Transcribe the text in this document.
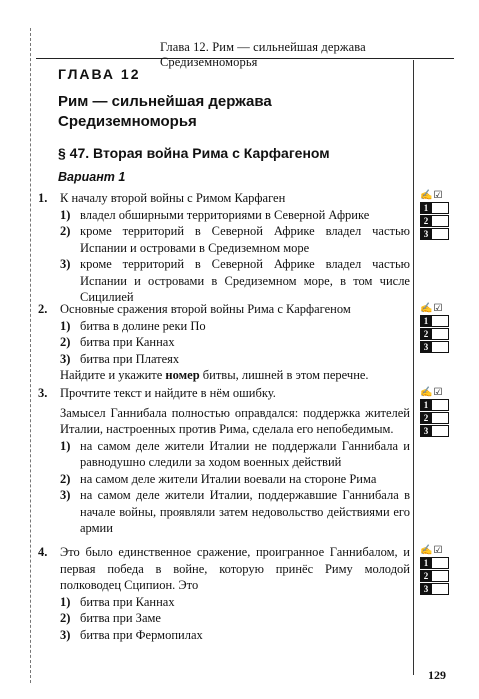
Глава 12. Рим — сильнейшая держава Средиземноморья
ГЛАВА 12
Рим — сильнейшая держава Средиземноморья
§ 47. Вторая война Рима с Карфагеном
Вариант 1
1. К началу второй войны с Римом Карфаген
1) владел обширными территориями в Северной Африке
2) кроме территорий в Северной Африке владел частью Испании и островами в Средиземном море
3) кроме территорий в Северной Африке владел частью Испании и островами в Средиземном море, в том числе Сицилией
2. Основные сражения второй войны Рима с Карфагеном
1) битва в долине реки По
2) битва при Каннах
3) битва при Платеях
Найдите и укажите номер битвы, лишней в этом перечне.
3. Прочтите текст и найдите в нём ошибку.
Замысел Ганнибала полностью оправдался: поддержка жителей Италии, настроенных против Рима, сделала его непобедимым.
1) на самом деле жители Италии не поддержали Ганнибала и равнодушно следили за ходом военных действий
2) на самом деле жители Италии воевали на стороне Рима
3) на самом деле жители Италии, поддержавшие Ганнибала в начале войны, проявляли затем недовольство действиями его армии
4. Это было единственное сражение, проигранное Ганнибалом, и первая победа в войне, которую принёс Риму молодой полководец Сципион. Это
1) битва при Каннах
2) битва при Заме
3) битва при Фермопилах
✍☑
1
2
3
✍☑
1
2
3
✍☑
1
2
3
✍☑
1
2
3
129
